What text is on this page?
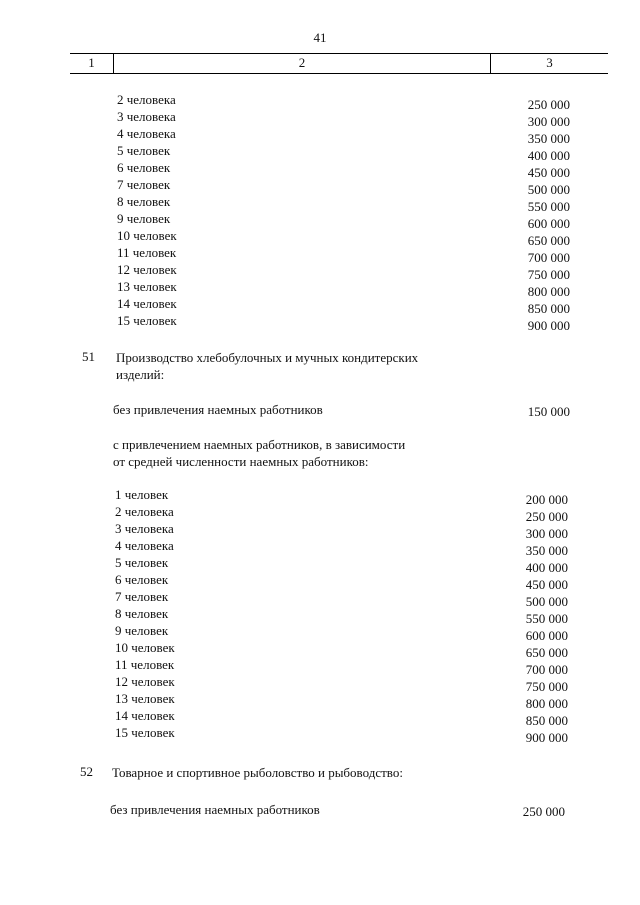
41
1	2	3
2 человека	250 000
3 человека	300 000
4 человека	350 000
5 человек	400 000
6 человек	450 000
7 человек	500 000
8 человек	550 000
9 человек	600 000
10 человек	650 000
11 человек	700 000
12 человек	750 000
13 человек	800 000
14 человек	850 000
15 человек	900 000
51 Производство хлебобулочных и мучных кондитерских
изделий:
без привлечения наемных работников	150 000
с привлечением наемных работников, в зависимости
от средней численности наемных работников:
1 человек	200 000
2 человека	250 000
3 человека	300 000
4 человека	350 000
5 человек	400 000
6 человек	450 000
7 человек	500 000
8 человек	550 000
9 человек	600 000
10 человек	650 000
11 человек	700 000
12 человек	750 000
13 человек	800 000
14 человек	850 000
15 человек	900 000
52 Товарное и спортивное рыболовство и рыбоводство:
без привлечения наемных работников	250 000
